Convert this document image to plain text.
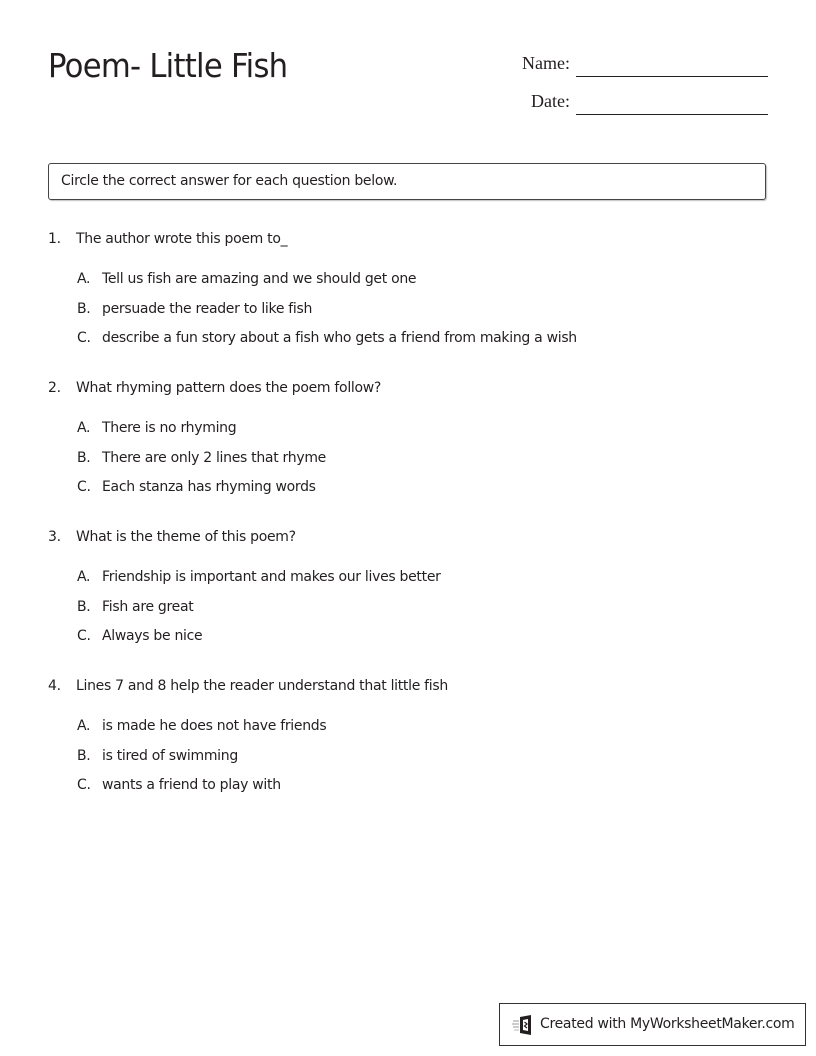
Poem- Little Fish	Name:
Date:
Circle the correct answer for each question below.
1. The author wrote this poem to_
A. Tell us fish are amazing and we should get one
B. persuade the reader to like fish
C. describe a fun story about a fish who gets a friend from making a wish
2. What rhyming pattern does the poem follow?
A. There is no rhyming
B. There are only 2 lines that rhyme
C. Each stanza has rhyming words
3. What is the theme of this poem?
A. Friendship is important and makes our lives better
B. Fish are great
C. Always be nice
4. Lines 7 and 8 help the reader understand that little fish
A. is made he does not have friends
B. is tired of swimming
C. wants a friend to play with
Created with MyWorksheetMaker.com
